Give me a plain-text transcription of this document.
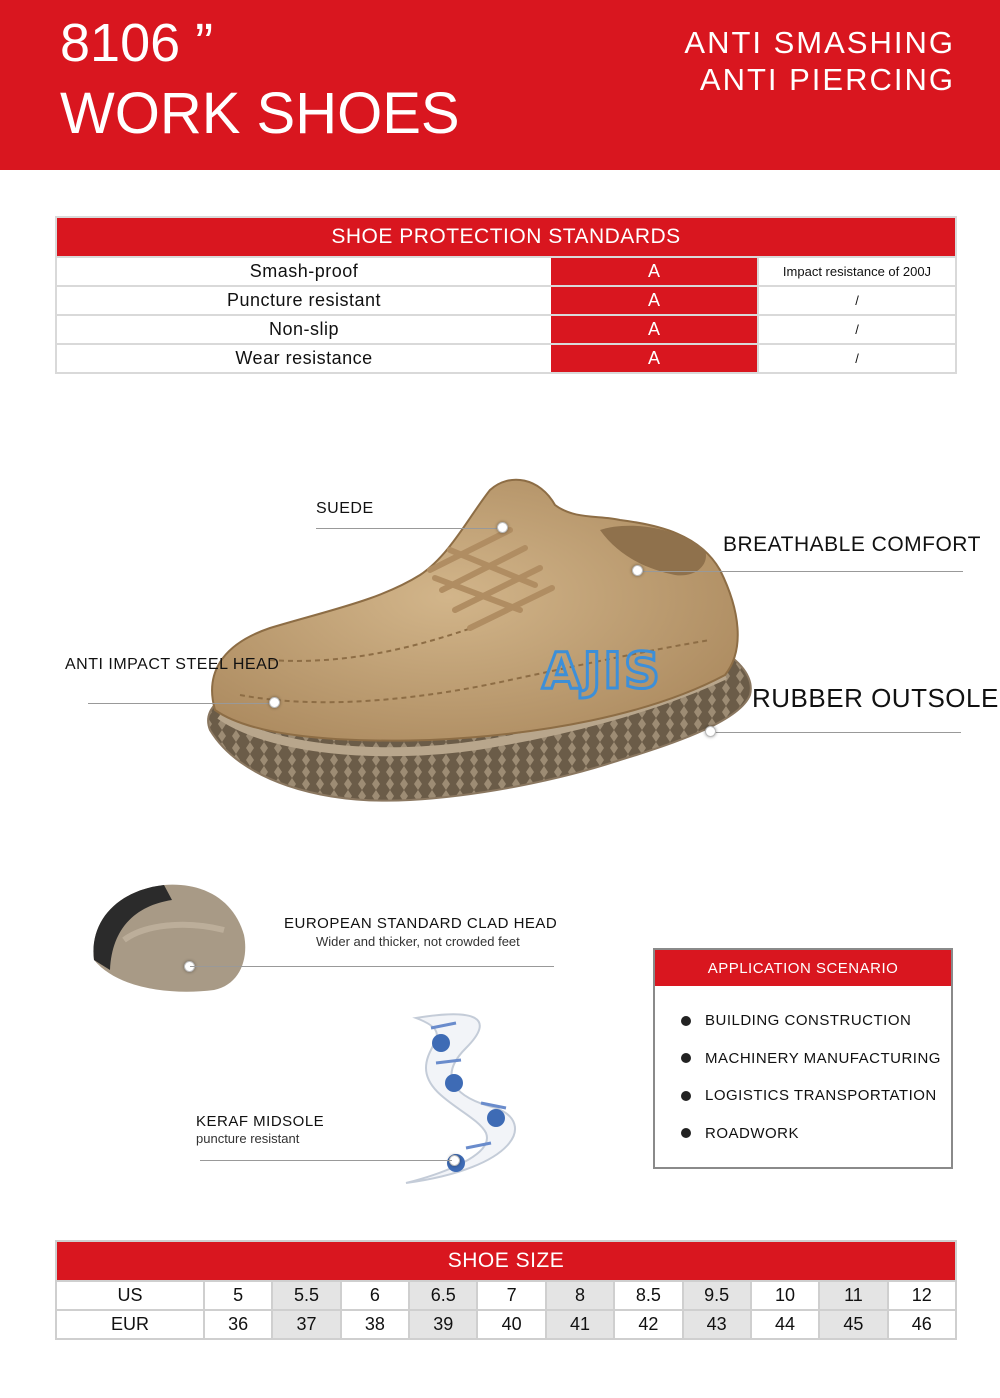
8106 ”
WORK SHOES
ANTI SMASHING
ANTI PIERCING
SHOE PROTECTION STANDARDS
Smash-proof	A	Impact resistance of 200J
Puncture resistant	A	/
Non-slip	A	/
Wear resistance	A	/
AJIS
SUEDE
BREATHABLE COMFORT
ANTI IMPACT STEEL HEAD
RUBBER OUTSOLE
EUROPEAN STANDARD CLAD HEAD
Wider and thicker, not crowded feet
KERAF MIDSOLE
puncture resistant
APPLICATION SCENARIO
BUILDING CONSTRUCTION
MACHINERY MANUFACTURING
LOGISTICS TRANSPORTATION
ROADWORK
SHOE SIZE
US	5	5.5	6	6.5	7	8	8.5	9.5	10	11	12
EUR	36	37	38	39	40	41	42	43	44	45	46
